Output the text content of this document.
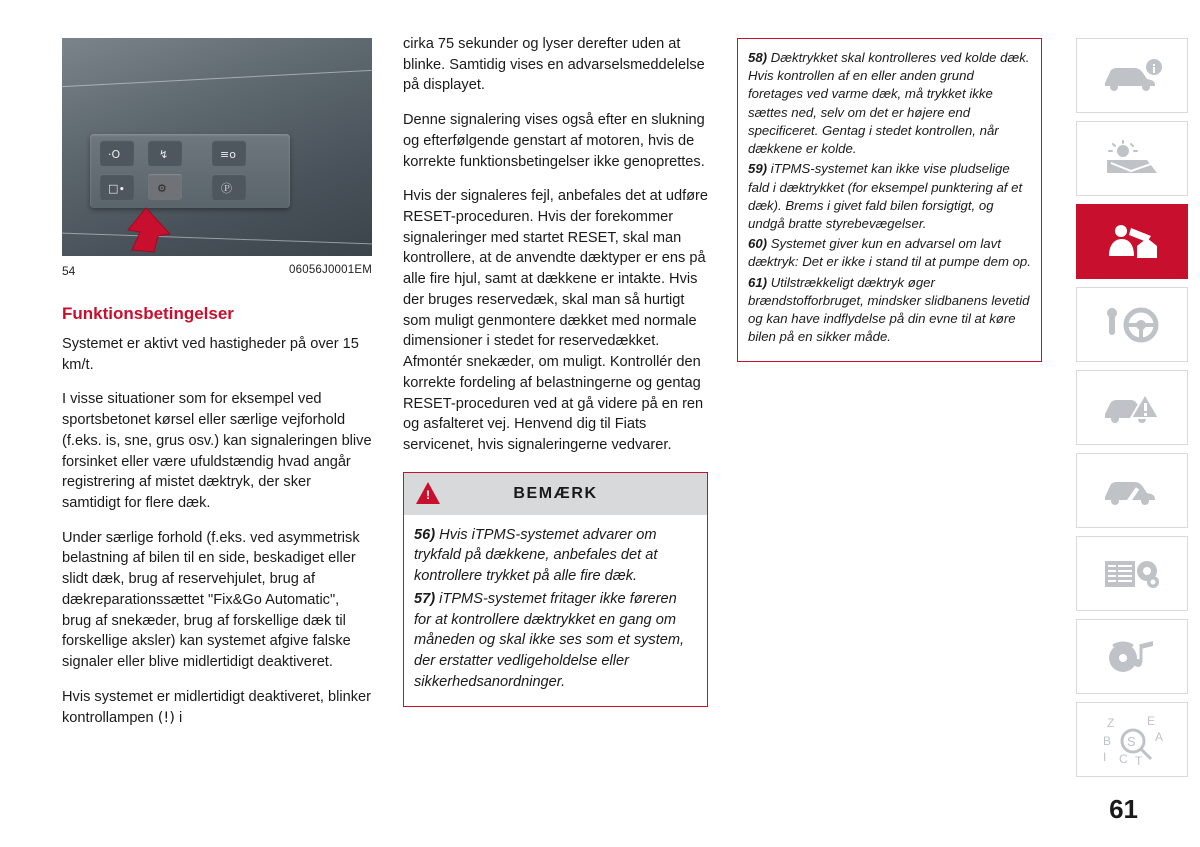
·O	↯	≡o
□∙	⚙	Ⓟ
54	06056J0001EM
Funktionsbetingelser

Systemet er aktivt ved hastigheder på over 15 km/t.

I visse situationer som for eksempel ved sportsbetonet kørsel eller særlige vejforhold (f.eks. is, sne, grus osv.) kan signaleringen blive forsinket eller være ufuldstændig hvad angår registrering af mistet dæktryk, der sker samtidigt for flere dæk.

Under særlige forhold (f.eks. ved asymmetrisk belastning af bilen til en side, beskadiget eller slidt dæk, brug af reservehjulet, brug af dækreparationssættet "Fix&Go Automatic", brug af snekæder, brug af forskellige dæk til forskellige aksler) kan systemet afgive falske signaler eller blive midlertidigt deaktiveret.

Hvis systemet er midlertidigt deaktiveret, blinker kontrollampen (!) i

cirka 75 sekunder og lyser derefter uden at blinke. Samtidig vises en advarselsmeddelelse på displayet.

Denne signalering vises også efter en slukning og efterfølgende genstart af motoren, hvis de korrekte funktionsbetingelser ikke genoprettes.

Hvis der signaleres fejl, anbefales det at udføre RESET-proceduren. Hvis der forekommer signaleringer med startet RESET, skal man kontrollere, at de anvendte dæktyper er ens på alle fire hjul, samt at dækkene er intakte. Hvis der bruges reservedæk, skal man så hurtigt som muligt genmontere dækket med normale dimensioner i stedet for reservedækket. Afmontér snekæder, om muligt. Kontrollér den korrekte fordeling af belastningerne og gentag RESET-proceduren ved at gå videre på en ren og asfalteret vej. Henvend dig til Fiats servicenet, hvis signaleringerne vedvarer.

!	BEMÆRK

56) Hvis iTPMS-systemet advarer om trykfald på dækkene, anbefales det at kontrollere trykket på alle fire dæk.

57) iTPMS-systemet fritager ikke føreren for at kontrollere dæktrykket en gang om måneden og skal ikke ses som et system, der erstatter vedligeholdelse eller sikkerhedsanordninger.

58) Dæktrykket skal kontrolleres ved kolde dæk. Hvis kontrollen af en eller anden grund foretages ved varme dæk, må trykket ikke sættes ned, selv om det er højere end specificeret. Gentag i stedet kontrollen, når dækkene er kolde.

59) iTPMS-systemet kan ikke vise pludselige fald i dæktrykket (for eksempel punktering af et dæk). Brems i givet fald bilen forsigtigt, og undgå bratte styrebevægelser.

60) Systemet giver kun en advarsel om lavt dæktryk: Det er ikke i stand til at pumpe dem op.

61) Utilstrækkeligt dæktryk øger brændstofforbruget, mindsker slidbanens levetid og kan have indflydelse på din evne til at køre bilen på en sikker måde.

Z	E
B	A
I C T
S
61
